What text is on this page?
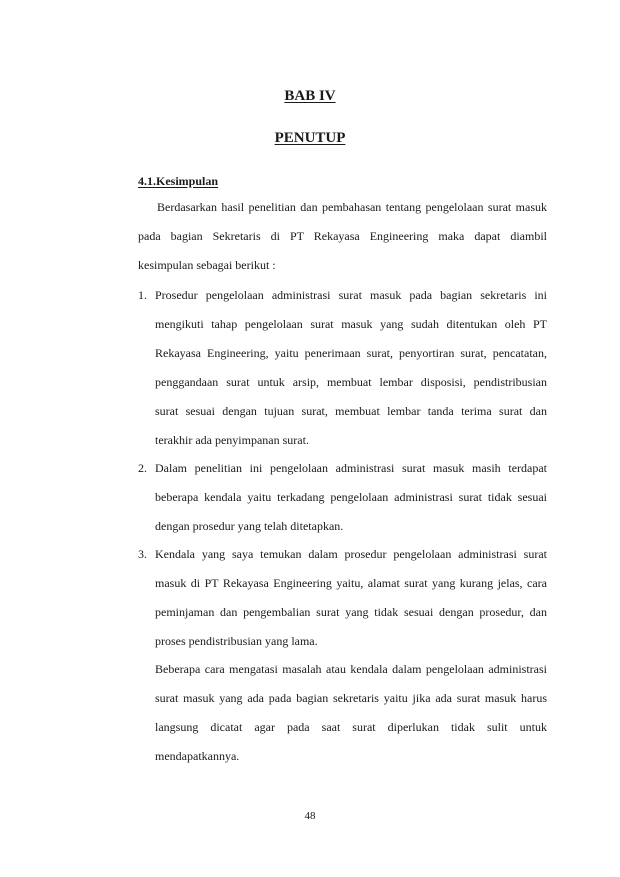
BAB IV
PENUTUP
4.1.Kesimpulan
Berdasarkan hasil penelitian dan pembahasan tentang pengelolaan surat masuk
pada bagian Sekretaris di PT Rekayasa Engineering maka dapat diambil
kesimpulan sebagai berikut :
1. Prosedur pengelolaan administrasi surat masuk pada bagian sekretaris ini
mengikuti tahap pengelolaan surat masuk yang sudah ditentukan oleh PT
Rekayasa Engineering, yaitu penerimaan surat, penyortiran surat, pencatatan,
penggandaan surat untuk arsip, membuat lembar disposisi, pendistribusian
surat sesuai dengan tujuan surat, membuat lembar tanda terima surat dan
terakhir ada penyimpanan surat.
2. Dalam penelitian ini pengelolaan administrasi surat masuk masih terdapat
beberapa kendala yaitu terkadang pengelolaan administrasi surat tidak sesuai
dengan prosedur yang telah ditetapkan.
3. Kendala yang saya temukan dalam prosedur pengelolaan administrasi surat
masuk di PT Rekayasa Engineering yaitu, alamat surat yang kurang jelas, cara
peminjaman dan pengembalian surat yang tidak sesuai dengan prosedur, dan
proses pendistribusian yang lama.
Beberapa cara mengatasi masalah atau kendala dalam pengelolaan administrasi
surat masuk yang ada pada bagian sekretaris yaitu jika ada surat masuk harus
langsung dicatat agar pada saat surat diperlukan tidak sulit untuk
mendapatkannya.
48
